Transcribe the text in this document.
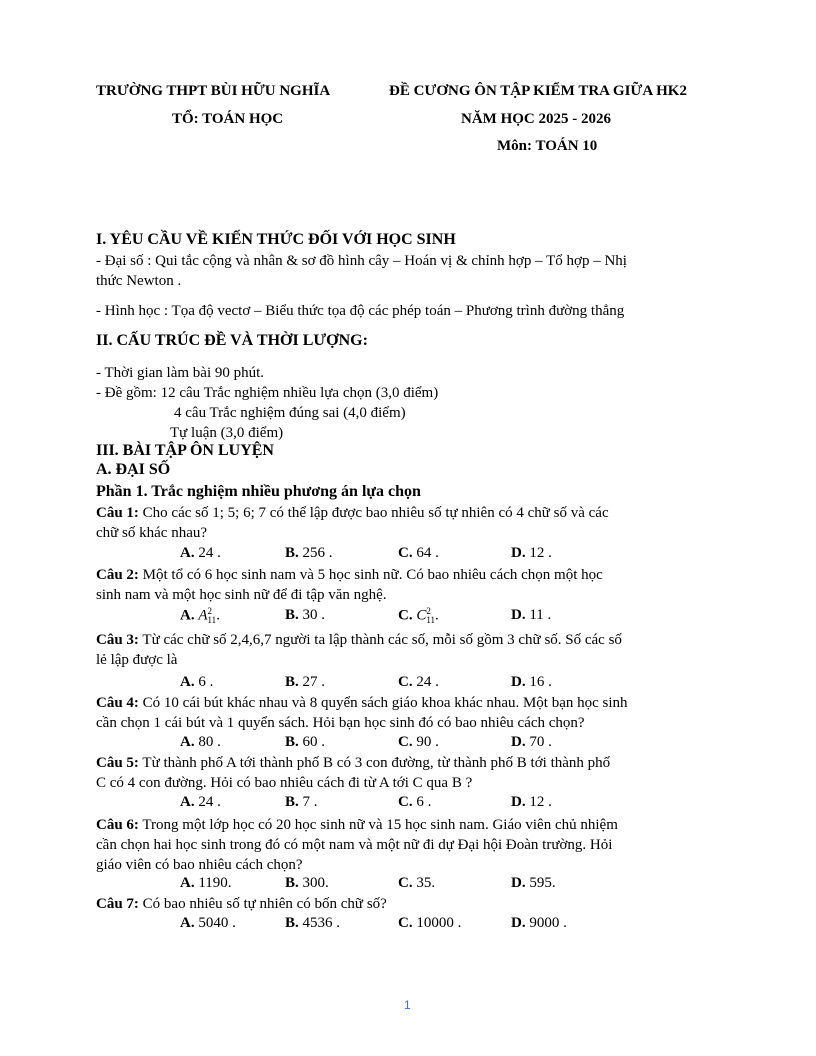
TRƯỜNG THPT BÙI HỮU NGHĨA
TỔ: TOÁN HỌC
ĐỀ CƯƠNG ÔN TẬP KIỂM TRA GIỮA HK2
NĂM HỌC 2025 - 2026
Môn: TOÁN 10
I. YÊU CẦU VỀ KIẾN THỨC ĐỐI VỚI HỌC SINH
- Đại số : Qui tắc cộng và nhân & sơ đồ hình cây – Hoán vị & chỉnh hợp – Tổ hợp – Nhị
thức Newton .
- Hình học : Tọa độ vectơ – Biểu thức tọa độ các phép toán – Phương trình đường thẳng
II. CẤU TRÚC ĐỀ VÀ THỜI LƯỢNG:
- Thời gian làm bài 90 phút.
- Đề gồm: 12 câu Trắc nghiệm nhiều lựa chọn (3,0 điểm)
4 câu Trắc nghiệm đúng sai (4,0 điểm)
Tự luận (3,0 điểm)
III. BÀI TẬP ÔN LUYỆN
A. ĐẠI SỐ
Phần 1. Trắc nghiệm nhiều phương án lựa chọn
Câu 1: Cho các số 1; 5; 6; 7 có thể lập được bao nhiêu số tự nhiên có 4 chữ số và các
chữ số khác nhau?
A. 24 .	B. 256 .	C. 64 .	D. 12 .
Câu 2: Một tổ có 6 học sinh nam và 5 học sinh nữ. Có bao nhiêu cách chọn một học
sinh nam và một học sinh nữ để đi tập văn nghệ.
A. A 2
11 .	B. 30 .	C. C 2
11 .	D. 11 .
Câu 3: Từ các chữ số 2,4,6,7 người ta lập thành các số, mỗi số gồm 3 chữ số. Số các số
lẻ lập được là
A. 6 .	B. 27 .	C. 24 .	D. 16 .
Câu 4: Có 10 cái bút khác nhau và 8 quyển sách giáo khoa khác nhau. Một bạn học sinh
cần chọn 1 cái bút và 1 quyển sách. Hỏi bạn học sinh đó có bao nhiêu cách chọn?
A. 80 .	B. 60 .	C. 90 .	D. 70 .
Câu 5: Từ thành phố A tới thành phố B có 3 con đường, từ thành phố B tới thành phố
C có 4 con đường. Hỏi có bao nhiêu cách đi từ A tới C qua B ?
A. 24 .	B. 7 .	C. 6 .	D. 12 .
Câu 6: Trong một lớp học có 20 học sinh nữ và 15 học sinh nam. Giáo viên chủ nhiệm
cần chọn hai học sinh trong đó có một nam và một nữ đi dự Đại hội Đoàn trường. Hỏi
giáo viên có bao nhiêu cách chọn?
A. 1190.	B. 300.	C. 35.	D. 595.
Câu 7: Có bao nhiêu số tự nhiên có bốn chữ số?
A. 5040 .	B. 4536 .	C. 10000 .	D. 9000 .
1
